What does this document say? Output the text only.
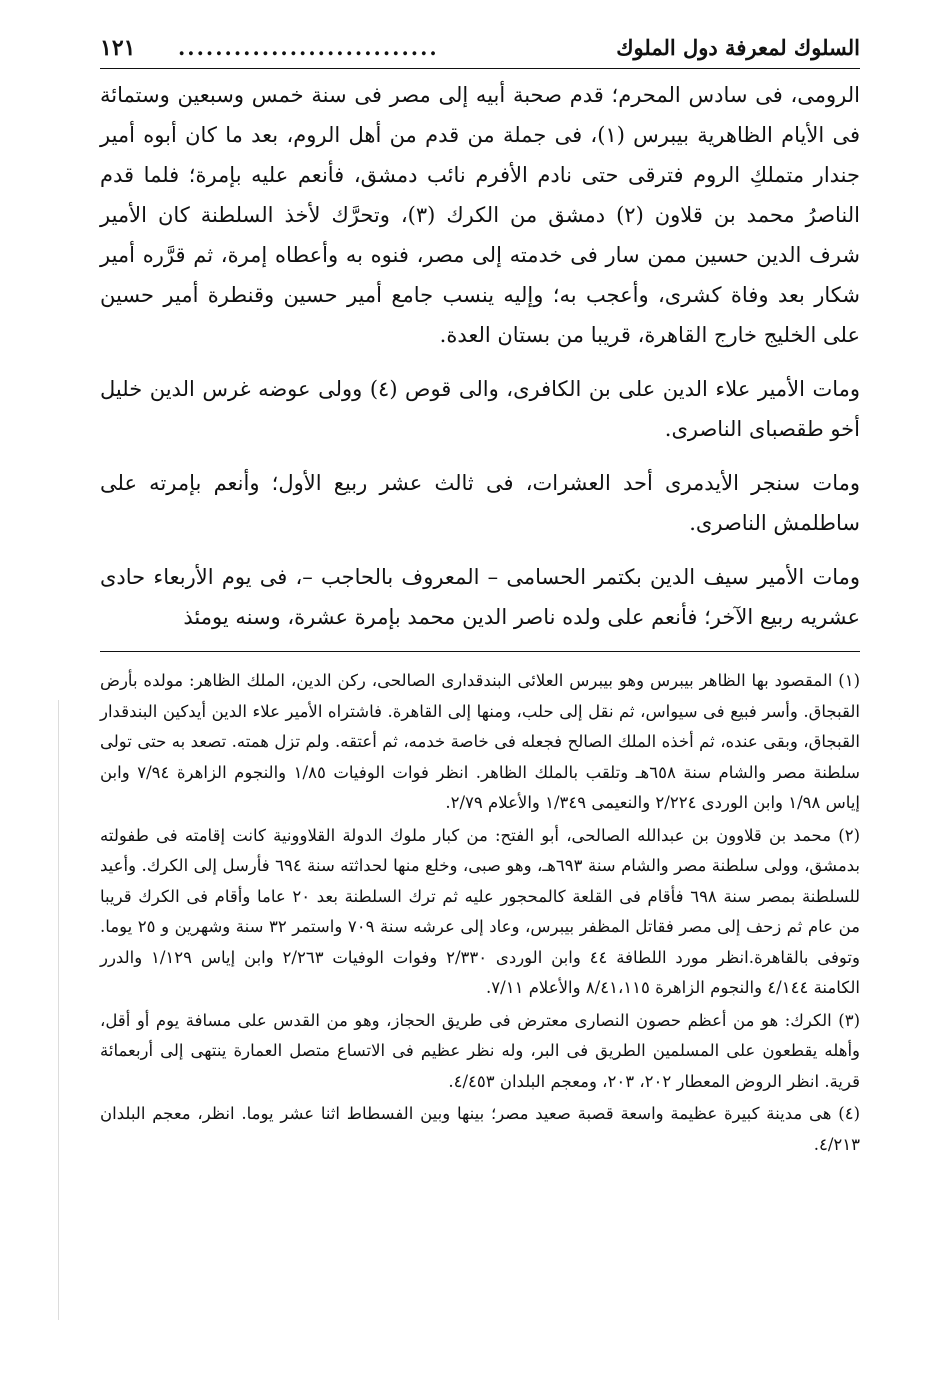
السلوك لمعرفة دول الملوك
............................
١٢١

الرومى، فى سادس المحرم؛ قدم صحبة أبيه إلى مصر فى سنة خمس وسبعين وستمائة فى الأيام الظاهرية بيبرس (١)، فى جملة من قدم من أهل الروم، بعد ما كان أبوه أمير جندار متملكِ الروم فترقى حتى نادم الأفرم نائب دمشق، فأنعم عليه بإمرة؛ فلما قدم الناصرُ محمد بن قلاون (٢) دمشق من الكرك (٣)، وتحرَّك لأخذ السلطنة كان الأمير شرف الدين حسين ممن سار فى خدمته إلى مصر، فنوه به وأعطاه إمرة، ثم قرَّره أمير شكار بعد وفاة كشرى، وأعجب به؛ وإليه ينسب جامع أمير حسين وقنطرة أمير حسين على الخليج خارج القاهرة، قريبا من بستان العدة.

ومات الأمير علاء الدين على بن الكافرى، والى قوص (٤) وولى عوضه غرس الدين خليل أخو طقصباى الناصرى.

ومات سنجر الأيدمرى أحد العشرات، فى ثالث عشر ربيع الأول؛ وأنعم بإمرته على ساطلمش الناصرى.

ومات الأمير سيف الدين بكتمر الحسامى – المعروف بالحاجب –، فى يوم الأربعاء حادى عشريه ربيع الآخر؛ فأنعم على ولده ناصر الدين محمد بإمرة عشرة، وسنه يومئذ

(١) المقصود بها الظاهر بيبرس وهو بيبرس العلائى البندقدارى الصالحى، ركن الدين، الملك الظاهر: مولده بأرض القبجاق. وأسر فبيع فى سيواس، ثم نقل إلى حلب، ومنها إلى القاهرة. فاشتراه الأمير علاء الدين أيدكين البندقدار القبجاق، وبقى عنده، ثم أخذه الملك الصالح فجعله فى خاصة خدمه، ثم أعتقه. ولم تزل همته. تصعد به حتى تولى سلطنة مصر والشام سنة ٦٥٨هـ وتلقب بالملك الظاهر. انظر فوات الوفيات ١/٨٥ والنجوم الزاهرة ٧/٩٤ وابن إياس ١/٩٨ وابن الوردى ٢/٢٢٤ والنعيمى ١/٣٤٩ والأعلام ٢/٧٩.

(٢) محمد بن قلاوون بن عبدالله الصالحى، أبو الفتح: من كبار ملوك الدولة القلاوونية كانت إقامته فى طفولته بدمشق، وولى سلطنة مصر والشام سنة ٦٩٣هـ، وهو صبى، وخلع منها لحداثته سنة ٦٩٤ فأرسل إلى الكرك. وأعيد للسلطنة بمصر سنة ٦٩٨ فأقام فى القلعة كالمحجور عليه ثم ترك السلطنة بعد ٢٠ عاما وأقام فى الكرك قريبا من عام ثم زحف إلى مصر فقاتل المظفر بيبرس، وعاد إلى عرشه سنة ٧٠٩ واستمر ٣٢ سنة وشهرين و ٢٥ يوما. وتوفى بالقاهرة.انظر مورد اللطافة ٤٤ وابن الوردى ٢/٣٣٠ وفوات الوفيات ٢/٢٦٣ وابن إياس ١/١٢٩ والدرر الكامنة ٤/١٤٤ والنجوم الزاهرة ٨/٤١،١١٥ والأعلام ٧/١١.

(٣) الكرك: هو من أعظم حصون النصارى معترض فى طريق الحجاز، وهو من القدس على مسافة يوم أو أقل، وأهله يقطعون على المسلمين الطريق فى البر، وله نظر عظيم فى الاتساع متصل العمارة ينتهى إلى أربعمائة قرية. انظر الروض المعطار ٢٠٢، ٢٠٣، ومعجم البلدان ٤/٤٥٣.

(٤) هى مدينة كبيرة عظيمة واسعة قصبة صعيد مصر؛ بينها وبين الفسطاط اثنا عشر يوما. انظر، معجم البلدان ٤/٢١٣.
